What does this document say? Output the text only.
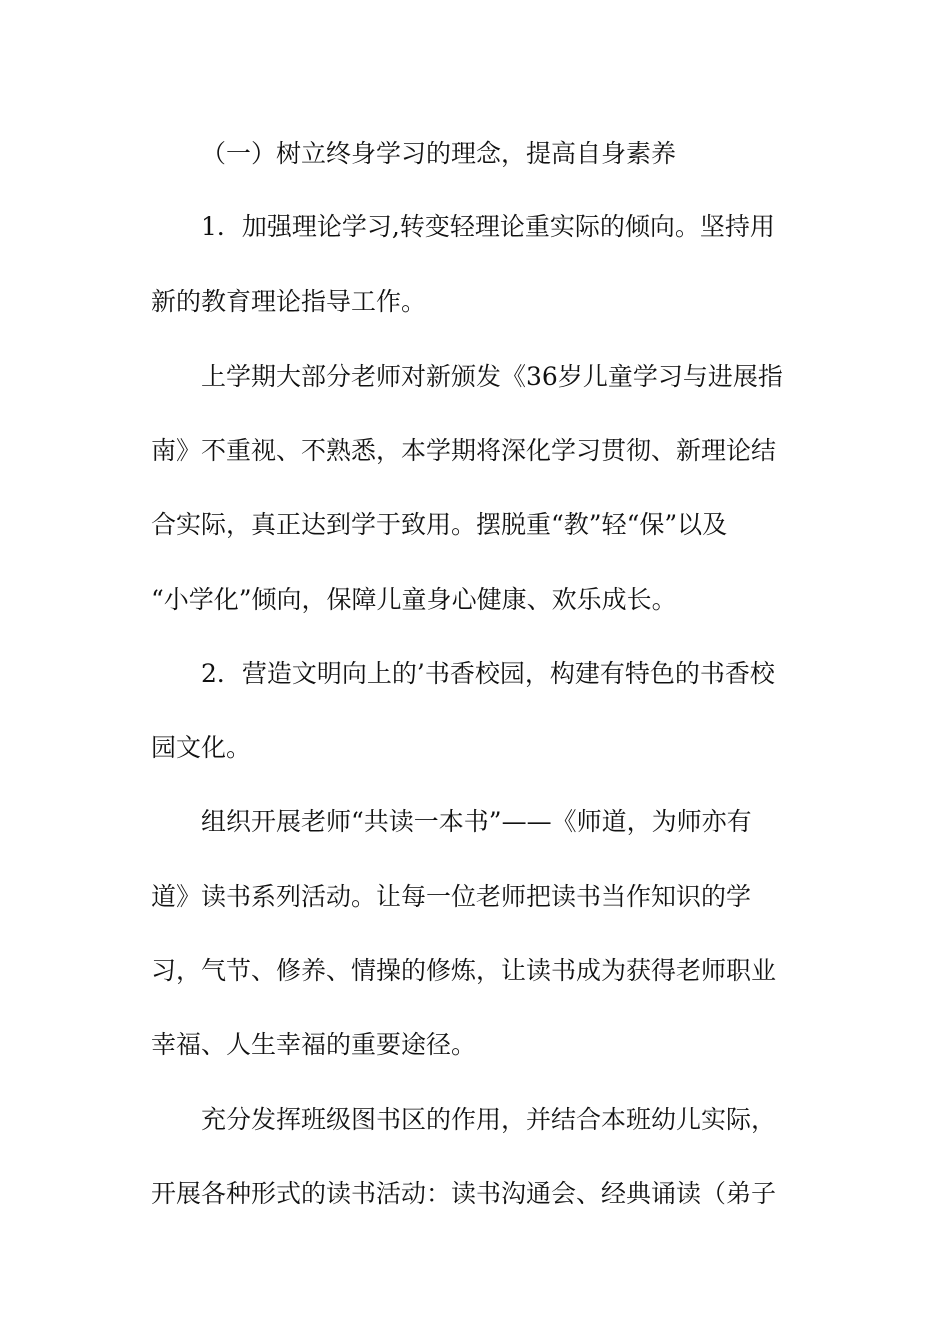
（一）树立终身学习的理念，提高自身素养
1．加强理论学习,转变轻理论重实际的倾向。坚持用
新的教育理论指导工作。
上学期大部分老师对新颁发《36岁儿童学习与进展指
南》不重视、不熟悉，本学期将深化学习贯彻、新理论结
合实际，真正达到学于致用。摆脱重“教”轻“保”以及
“小学化”倾向，保障儿童身心健康、欢乐成长。
2．营造文明向上的’书香校园，构建有特色的书香校
园文化。
组织开展老师“共读一本书”——《师道，为师亦有
道》读书系列活动。让每一位老师把读书当作知识的学
习，气节、修养、情操的修炼，让读书成为获得老师职业
幸福、人生幸福的重要途径。
充分发挥班级图书区的作用，并结合本班幼儿实际，
开展各种形式的读书活动：读书沟通会、经典诵读（弟子
